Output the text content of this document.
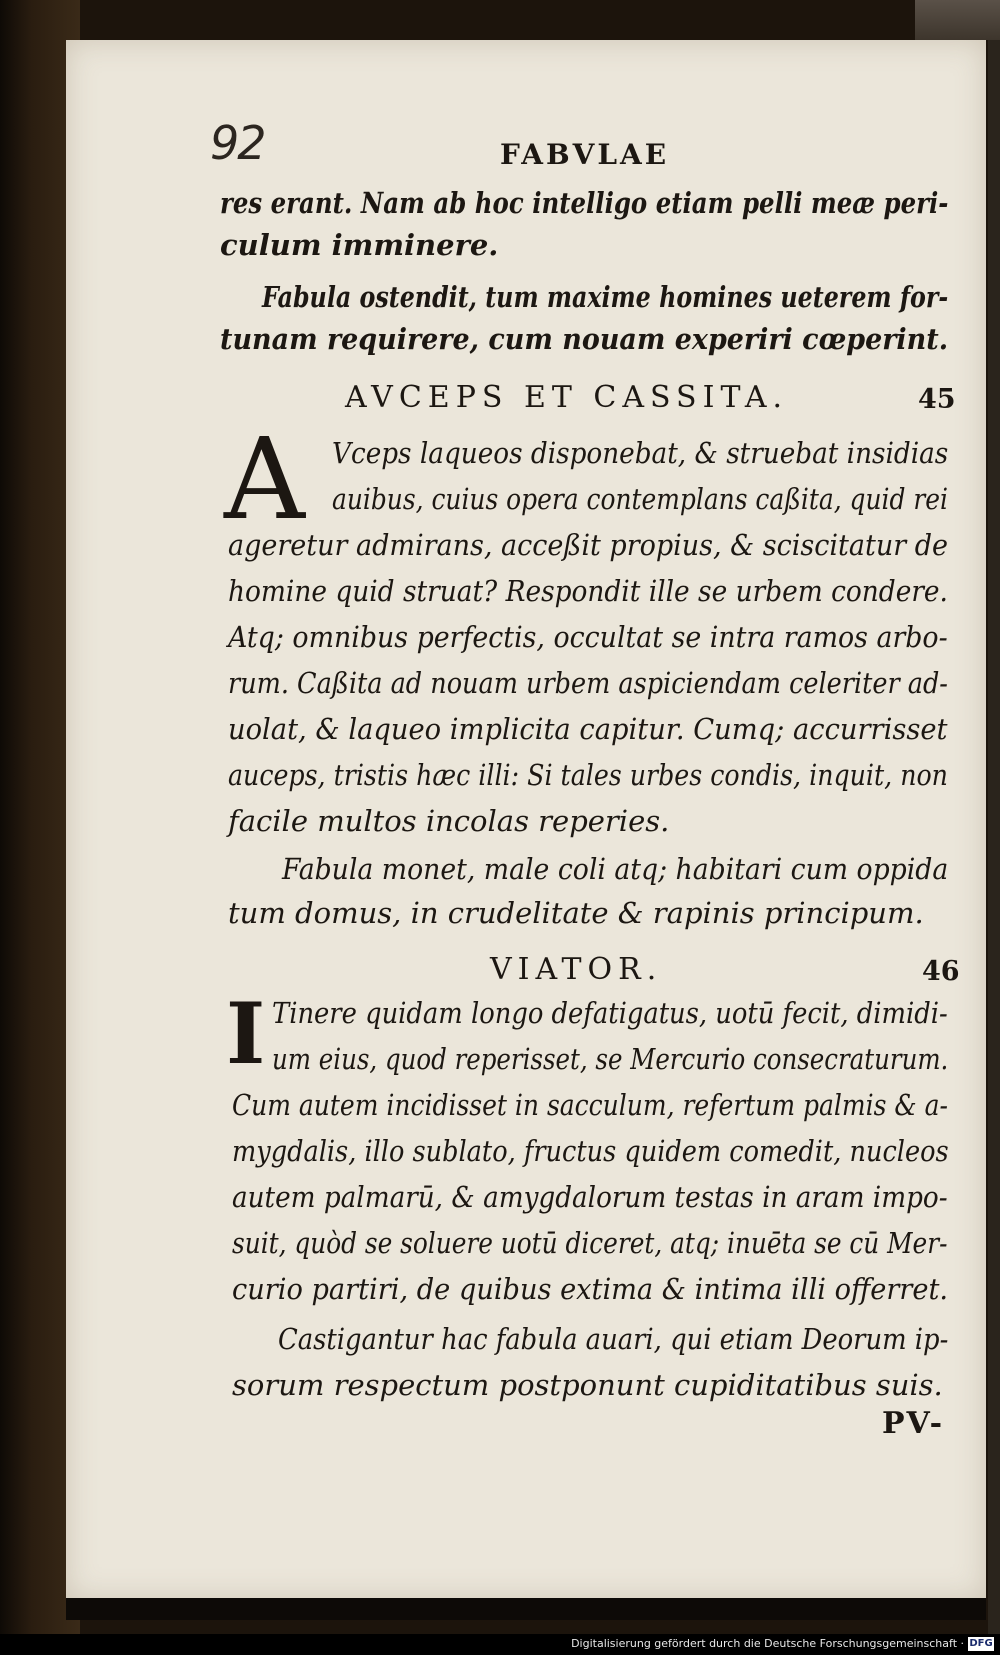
92	FABVLAE
res erant. Nam ab hoc intelligo etiam pelli meæ peri-
culum imminere.
Fabula ostendit, tum maxime homines ueterem for-
tunam requirere, cum nouam experiri cœperint.
AVCEPS ET CASSITA.	45
A Vceps laqueos disponebat, & struebat insidias
auibus, cuius opera contemplans caßita, quid rei
ageretur admirans, acceßit propius, & sciscitatur de
homine quid struat? Respondit ille se urbem condere.
Atq; omnibus perfectis, occultat se intra ramos arbo-
rum. Caßita ad nouam urbem aspiciendam celeriter ad-
uolat, & laqueo implicita capitur. Cumq; accurrisset
auceps, tristis hæc illi: Si tales urbes condis, inquit, non
facile multos incolas reperies.
Fabula monet, male coli atq; habitari cum oppida
tum domus, in crudelitate & rapinis principum.
VIATOR.	46
I Tinere quidam longo defatigatus, uotū fecit, dimidi-
um eius, quod reperisset, se Mercurio consecraturum.
Cum autem incidisset in sacculum, refertum palmis & a-
mygdalis, illo sublato, fructus quidem comedit, nucleos
autem palmarū, & amygdalorum testas in aram impo-
suit, quòd se soluere uotū diceret, atq; inuēta se cū Mer-
curio partiri, de quibus extima & intima illi offerret.
Castigantur hac fabula auari, qui etiam Deorum ip-
sorum respectum postponunt cupiditatibus suis.
PV-
Digitalisierung gefördert durch die Deutsche Forschungsgemeinschaft · DFG
